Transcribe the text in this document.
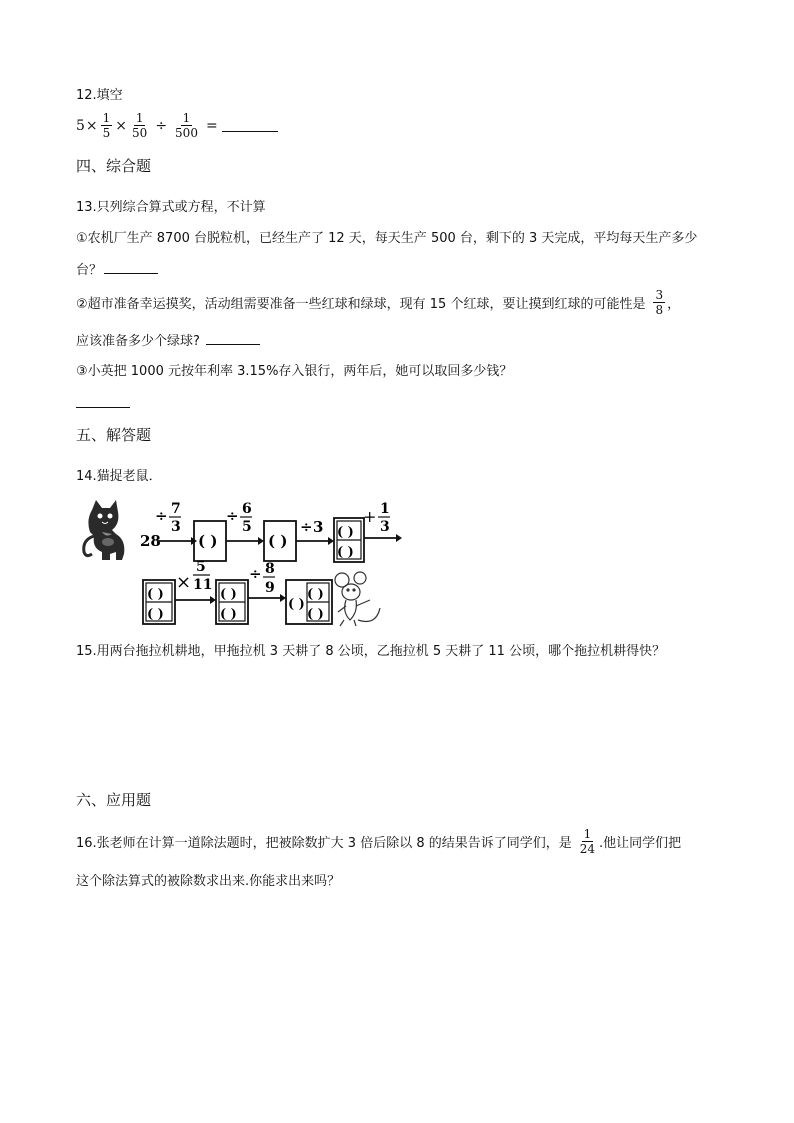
12.填空
$5 \times \frac{1}{5} \times \frac{1}{50} \div \frac{1}{500}$ =
四、综合题
13.只列综合算式或方程，不计算
①农机厂生产 8700 台脱粒机，已经生产了 12 天，每天生产 500 台，剩下的 3 天完成，平均每天生产多少
台？
②超市准备幸运摸奖，活动组需要准备一些红球和绿球，现有 15 个红球，要让摸到红球的可能性是 $\frac{3}{8}$ ，
应该准备多少个绿球?
③小英把 1000 元按年利率 3.15%存入银行，两年后，她可以取回多少钱？
五、解答题
14.猫捉老鼠．
28
÷ 7
3
( )
÷ 6
5
( )
÷ 3 ( )
( )
+ 1
3
( )
( )
×
5
11
( )
( )
÷ 8
9
( )
( )
( )
15.用两台拖拉机耕地，甲拖拉机 3 天耕了 8 公顷，乙拖拉机 5 天耕了 11 公顷，哪个拖拉机耕得快？
六、应用题
16.张老师在计算一道除法题时，把被除数扩大 3 倍后除以 8 的结果告诉了同学们，是 $\frac{1}{24}$ .他让同学们把
这个除法算式的被除数求出来.你能求出来吗？
